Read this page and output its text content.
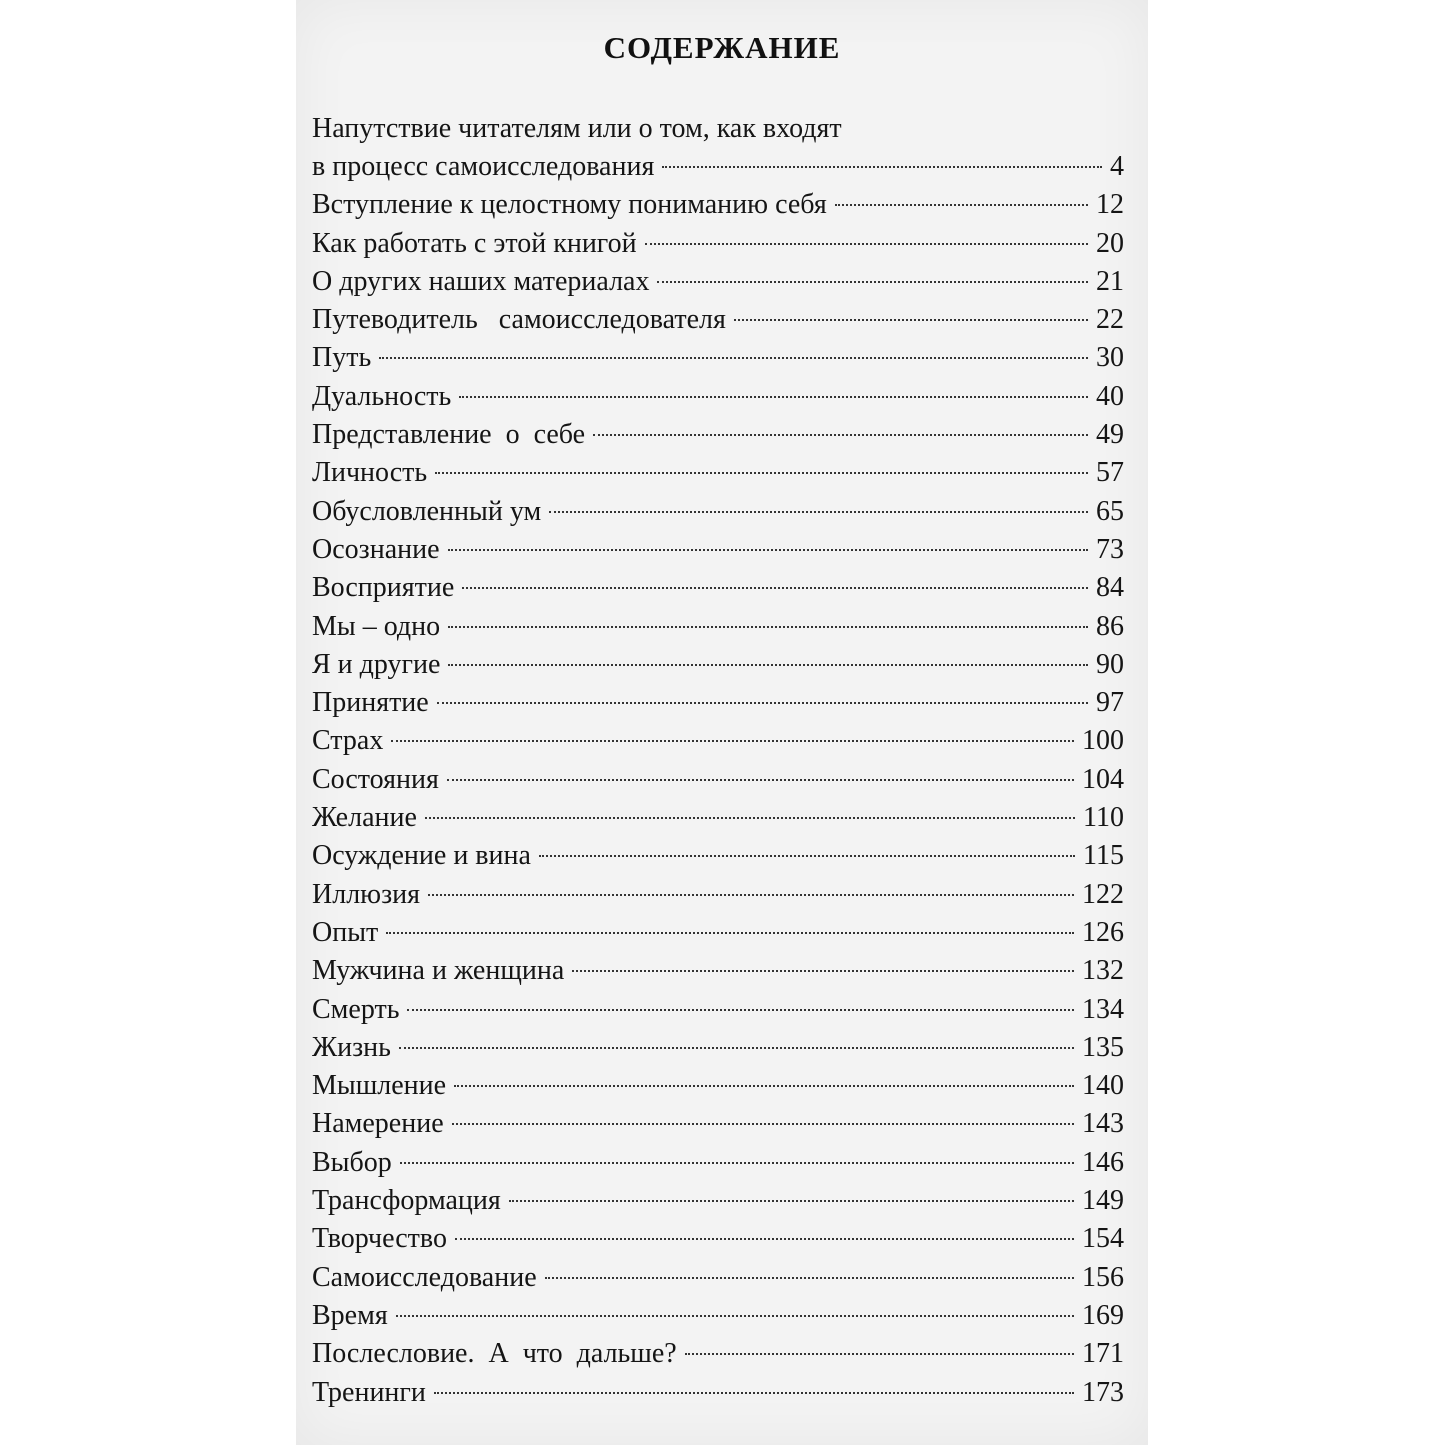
СОДЕРЖАНИЕ
Напутствие читателям или о том, как входят
в процесс самоисследования	4
Вступление к целостному пониманию себя	12
Как работать с этой книгой	20
О других наших материалах	21
Путеводитель   самоисследователя	22
Путь	30
Дуальность	40
Представление  о  себе	49
Личность	57
Обусловленный ум	65
Осознание	73
Восприятие	84
Мы – одно	86
Я и другие	90
Принятие	97
Страх	100
Состояния	104
Желание	110
Осуждение и вина	115
Иллюзия	122
Опыт	126
Мужчина и женщина	132
Смерть	134
Жизнь	135
Мышление	140
Намерение	143
Выбор	146
Трансформация	149
Творчество	154
Самоисследование	156
Время	169
Послесловие.  А  что  дальше?	171
Тренинги	173
